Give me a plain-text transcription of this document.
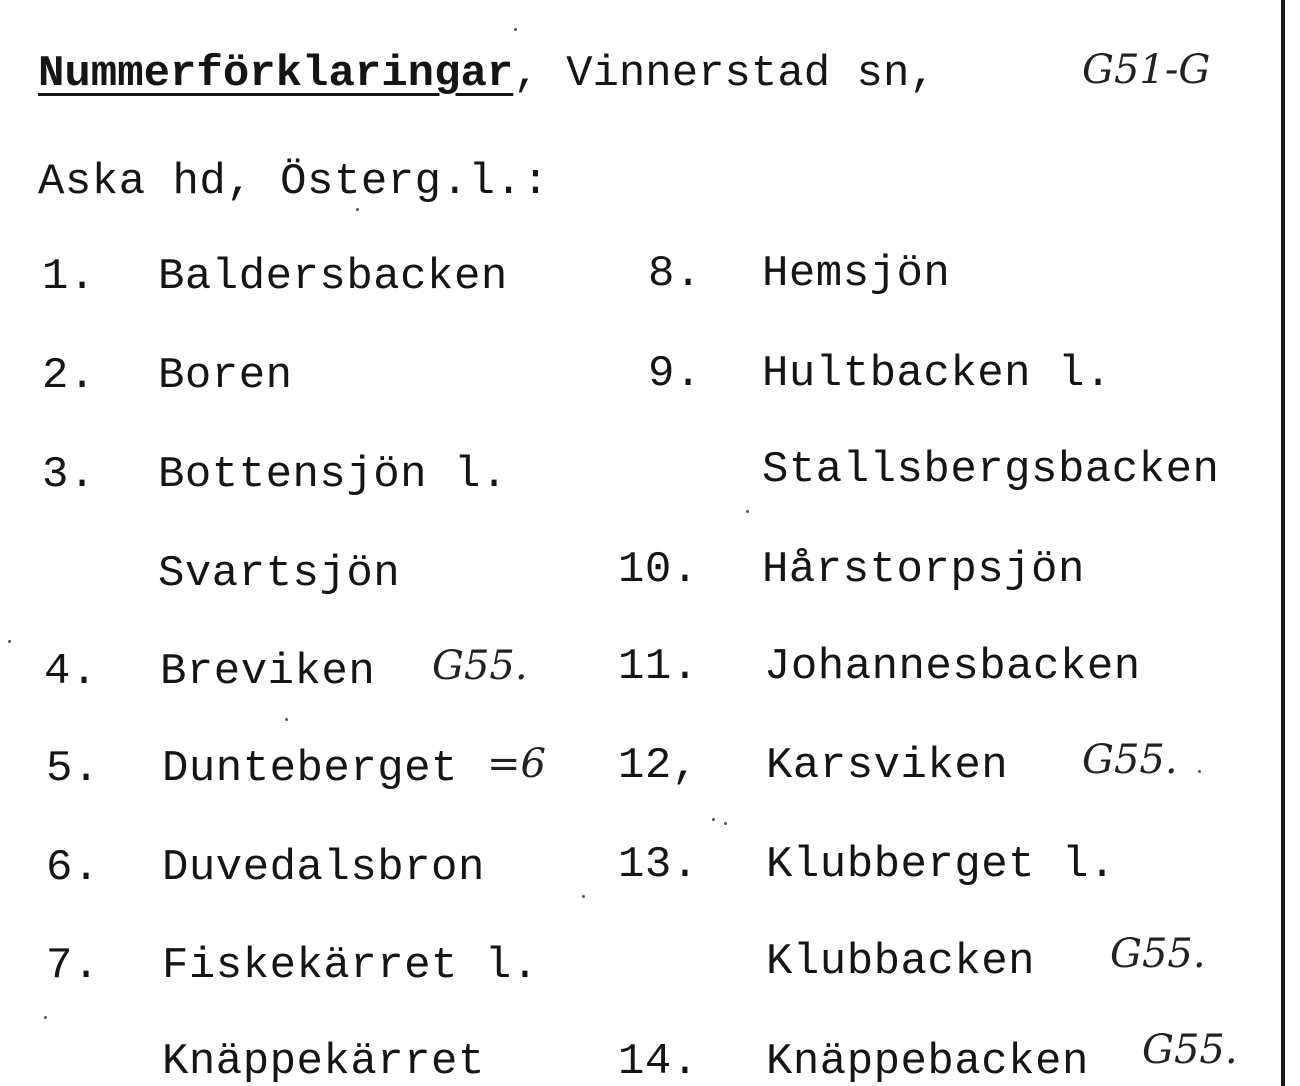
Nummerförklaringar, Vinnerstad sn,	G51-G
Aska hd, Österg.l.:
1. Baldersbacken
2. Boren
3. Bottensjön l.
Svartsjön
4. Breviken G55.
5. Dunteberget =6
6. Duvedalsbron
7. Fiskekärret l.
Knäppekärret
8. Hemsjön
9. Hultbacken l.
Stallsbergsbacken
10. Hårstorpsjön
11. Johannesbacken
12, Karsviken G55.
13. Klubberget l.
Klubbacken G55.
14. Knäppebacken G55.
